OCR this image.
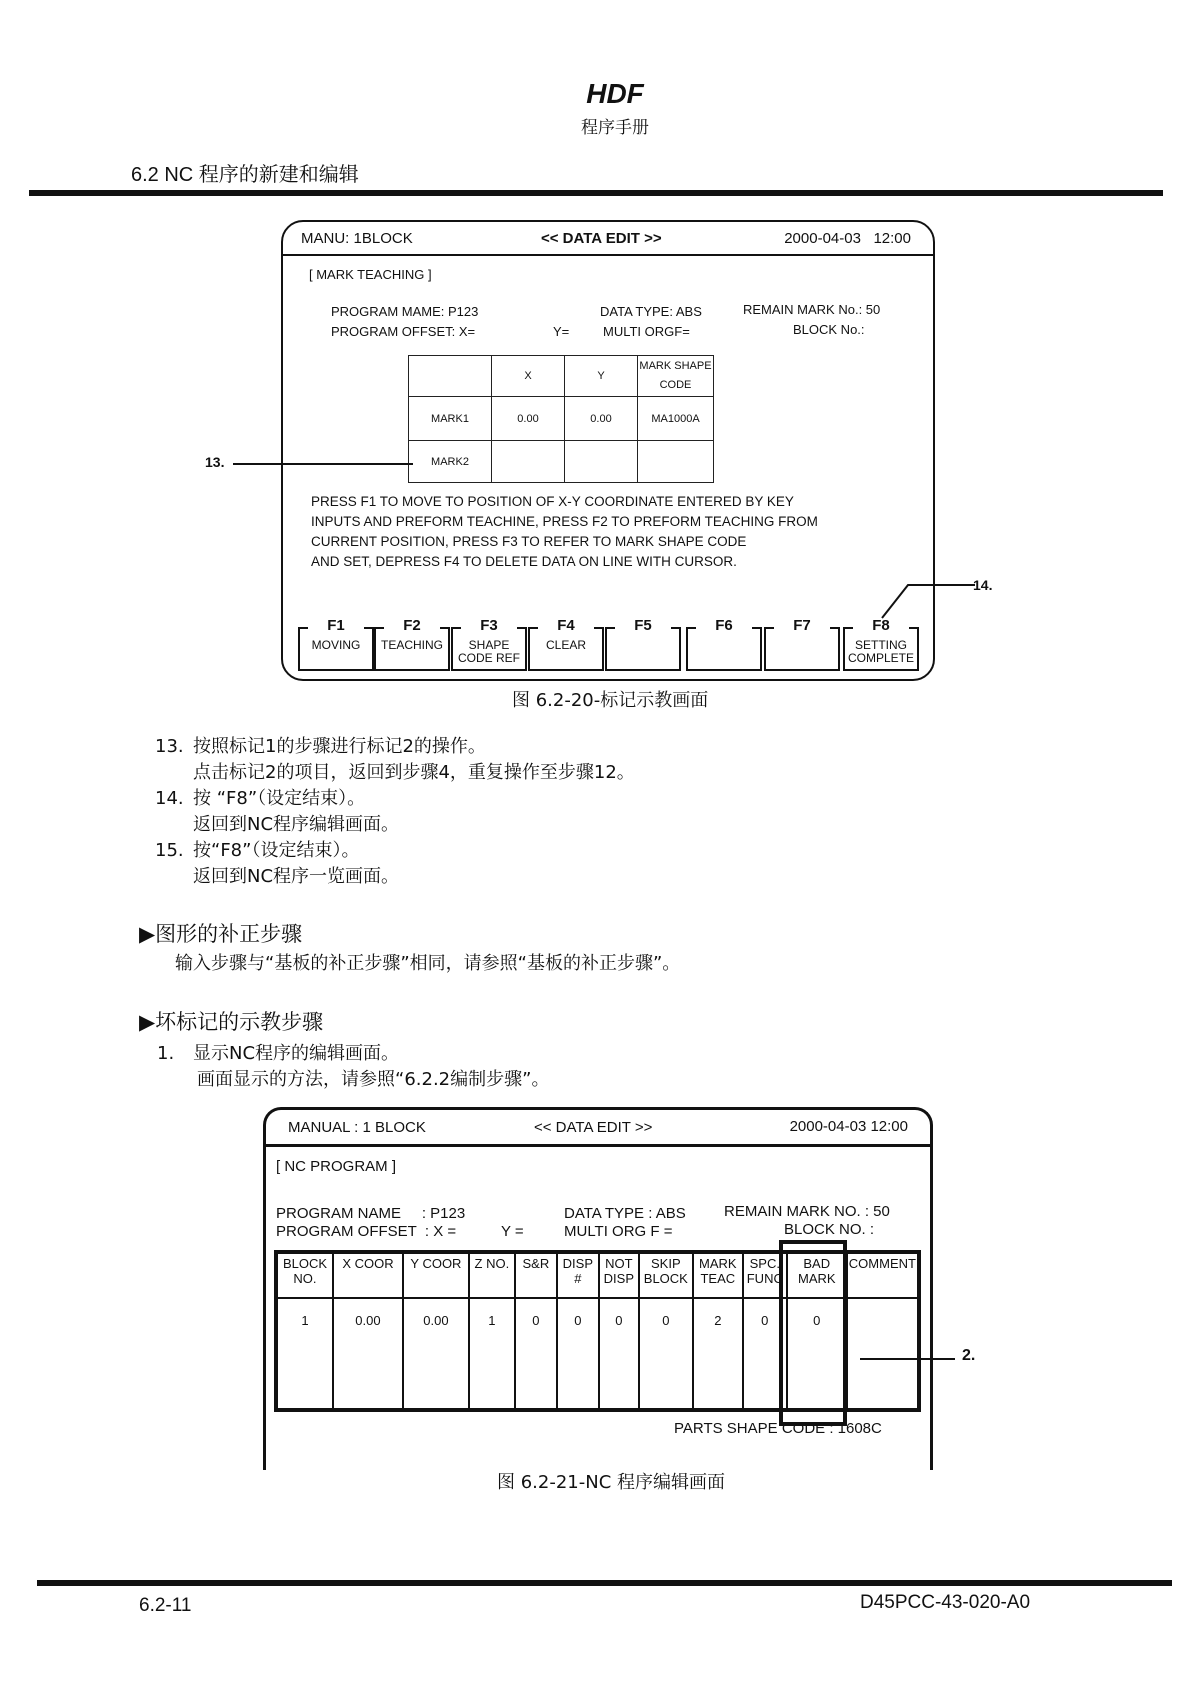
HDF
程序手册
6.2 NC 程序的新建和编辑
MANU: 1BLOCK	<< DATA EDIT >>	2000-04-03   12:00
[ MARK TEACHING ]
PROGRAM MAME: P123
PROGRAM OFFSET: X=	Y=
DATA TYPE: ABS
MULTI ORGF=
REMAIN MARK No.: 50
BLOCK No.:
	X	Y	MARK SHAPE CODE
MARK1	0.00	0.00	MA1000A
MARK2			
PRESS F1 TO MOVE TO POSITION OF X-Y COORDINATE ENTERED BY KEY
INPUTS AND PREFORM TEACHINE, PRESS F2 TO PREFORM TEACHING FROM
CURRENT POSITION, PRESS F3 TO REFER TO MARK SHAPE CODE
AND SET, DEPRESS F4 TO DELETE DATA ON LINE WITH CURSOR.
F1
MOVING
F2
TEACHING
F3
SHAPE CODE REF
F4
CLEAR
F5	F6	F7	F8
SETTING COMPLETE
13.
14.
图 6.2-20-标记示教画面
13. 按照标记1的步骤进行标记2的操作。
点击标记2的项目，返回到步骤4，重复操作至步骤12。
14. 按 “F8”（设定结束）。
返回到NC程序编辑画面。
15. 按“F8”（设定结束）。
返回到NC程序一览画面。
▶图形的补正步骤
输入步骤与“基板的补正步骤”相同，请参照“基板的补正步骤”。
▶坏标记的示教步骤
1. 显示NC程序的编辑画面。
画面显示的方法，请参照“6.2.2编制步骤”。
MANUAL : 1 BLOCK	<< DATA EDIT >>	2000-04-03 12:00
[ NC PROGRAM ]
PROGRAM NAME     : P123
PROGRAM OFFSET  : X =	Y =
DATA TYPE : ABS
MULTI ORG F =
REMAIN MARK NO. : 50
BLOCK NO. :
BLOCK NO.	X COOR	Y COOR	Z NO.	S&R	DISP #	NOT DISP	SKIP BLOCK	MARK TEAC	SPC. FUNC	BAD MARK	COMMENT
1	0.00	0.00	1	0	0	0	0	2	0	0	
PARTS SHAPE CODE : 1608C
2.
图 6.2-21-NC 程序编辑画面
6.2-11	D45PCC-43-020-A0
